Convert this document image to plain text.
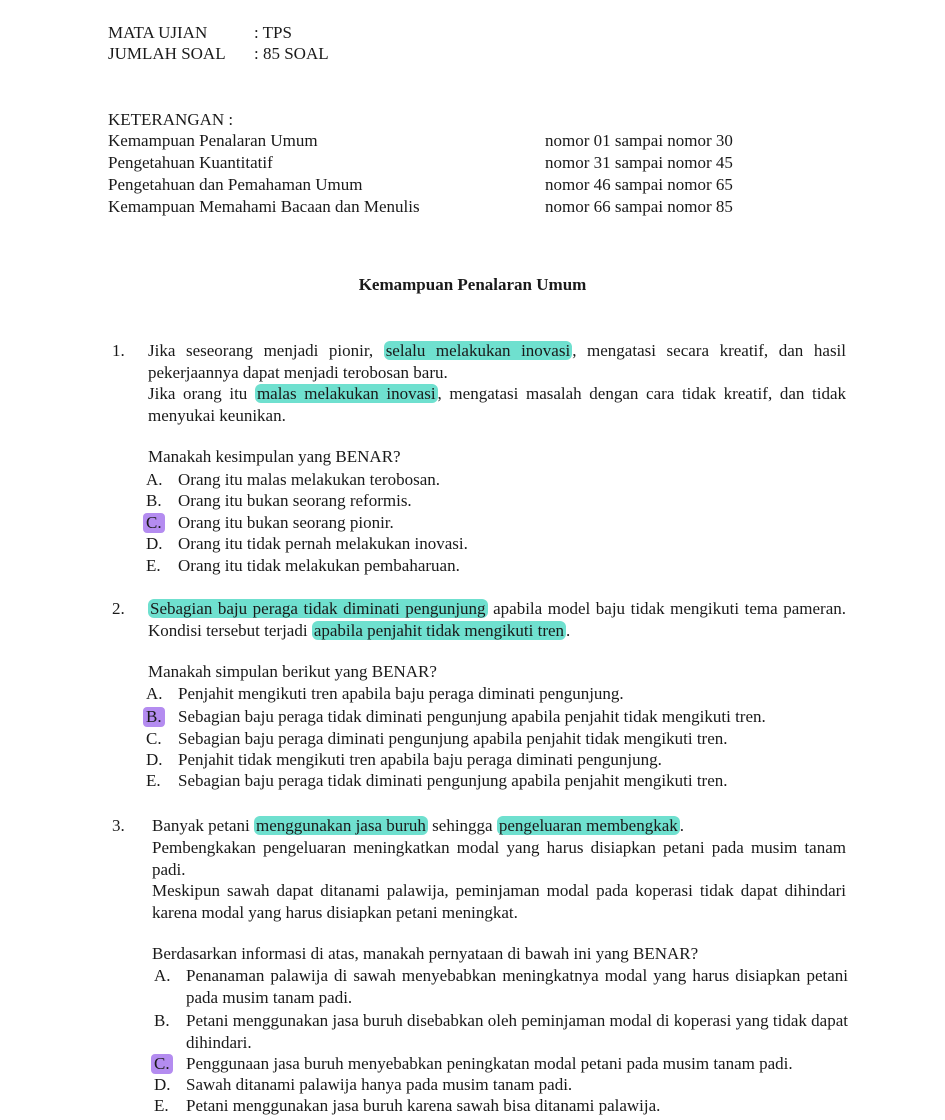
MATA UJIAN	: TPS
JUMLAH SOAL : 85 SOAL
KETERANGAN :
Kemampuan Penalaran Umum	nomor 01 sampai nomor 30
Pengetahuan Kuantitatif	nomor 31 sampai nomor 45
Pengetahuan dan Pemahaman Umum	nomor 46 sampai nomor 65
Kemampuan Memahami Bacaan dan Menulis	nomor 66 sampai nomor 85
Kemampuan Penalaran Umum
1. Jika seseorang menjadi pionir, selalu melakukan inovasi , mengatasi secara kreatif, dan hasil pekerjaannya dapat menjadi terobosan baru.
Jika orang itu malas melakukan inovasi , mengatasi masalah dengan cara tidak kreatif, dan tidak menyukai keunikan.
Manakah kesimpulan yang BENAR?
A. Orang itu malas melakukan terobosan.
B. Orang itu bukan seorang reformis.
C. Orang itu bukan seorang pionir.
D. Orang itu tidak pernah melakukan inovasi.
E. Orang itu tidak melakukan pembaharuan.
2. Sebagian baju peraga tidak diminati pengunjung apabila model baju tidak mengikuti tema pameran. Kondisi tersebut terjadi apabila penjahit tidak mengikuti tren .
Manakah simpulan berikut yang BENAR?
A. Penjahit mengikuti tren apabila baju peraga diminati pengunjung.
B. Sebagian baju peraga tidak diminati pengunjung apabila penjahit tidak mengikuti tren.
C. Sebagian baju peraga diminati pengunjung apabila penjahit tidak mengikuti tren.
D. Penjahit tidak mengikuti tren apabila baju peraga diminati pengunjung.
E. Sebagian baju peraga tidak diminati pengunjung apabila penjahit mengikuti tren.
3. Banyak petani menggunakan jasa buruh sehingga pengeluaran membengkak .
Pembengkakan pengeluaran meningkatkan modal yang harus disiapkan petani pada musim tanam padi.
Meskipun sawah dapat ditanami palawija, peminjaman modal pada koperasi tidak dapat dihindari karena modal yang harus disiapkan petani meningkat.
Berdasarkan informasi di atas, manakah pernyataan di bawah ini yang BENAR?
A. Penanaman palawija di sawah menyebabkan meningkatnya modal yang harus disiapkan petani pada musim tanam padi.
B. Petani menggunakan jasa buruh disebabkan oleh peminjaman modal di koperasi yang tidak dapat dihindari.
C. Penggunaan jasa buruh menyebabkan peningkatan modal petani pada musim tanam padi.
D. Sawah ditanami palawija hanya pada musim tanam padi.
E. Petani menggunakan jasa buruh karena sawah bisa ditanami palawija.
